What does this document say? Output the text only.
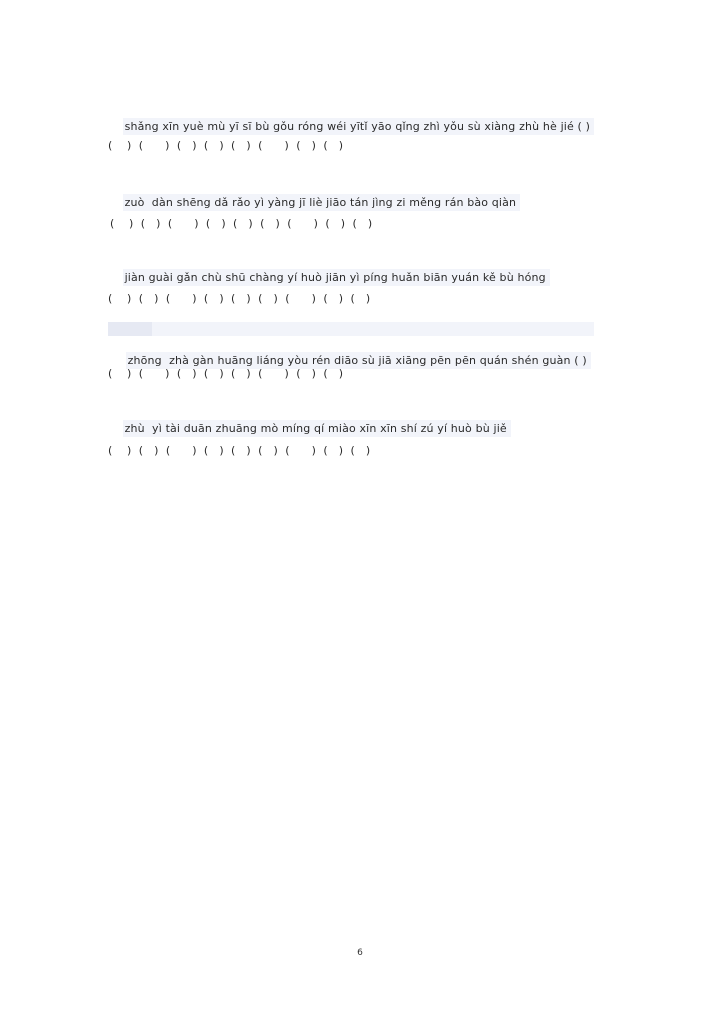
shǎng xīn yuè mù yī sī bù gǒu róng wéi yītǐ yāo qǐng zhì yǒu sù xiàng zhù hè jié ( )

(    )  (      )  (   )  (   )  (   )  (      )  (   )  (   )

zuò  dàn shēng dǎ rǎo yì yàng jī liè jiāo tán jìng zi měng rán bào qiàn

(    )  (   )  (      )  (   )  (   )  (   )  (      )  (   )  (   )

jiàn guài gǎn chù shū chàng yí huò jiān yì píng huǎn biān yuán kě bù hóng

(    )  (   )  (      )  (   )  (   )  (   )  (      )  (   )  (   )

zhōng  zhà gàn huāng liáng yòu rén diāo sù jiā xiāng pēn pēn quán shén guàn ( )

(    )  (      )  (   )  (   )  (   )  (      )  (   )  (   )

zhù  yì tài duān zhuāng mò míng qí miào xīn xīn shí zú yí huò bù jiě

(    )  (   )  (      )  (   )  (   )  (   )  (      )  (   )  (   )
6
